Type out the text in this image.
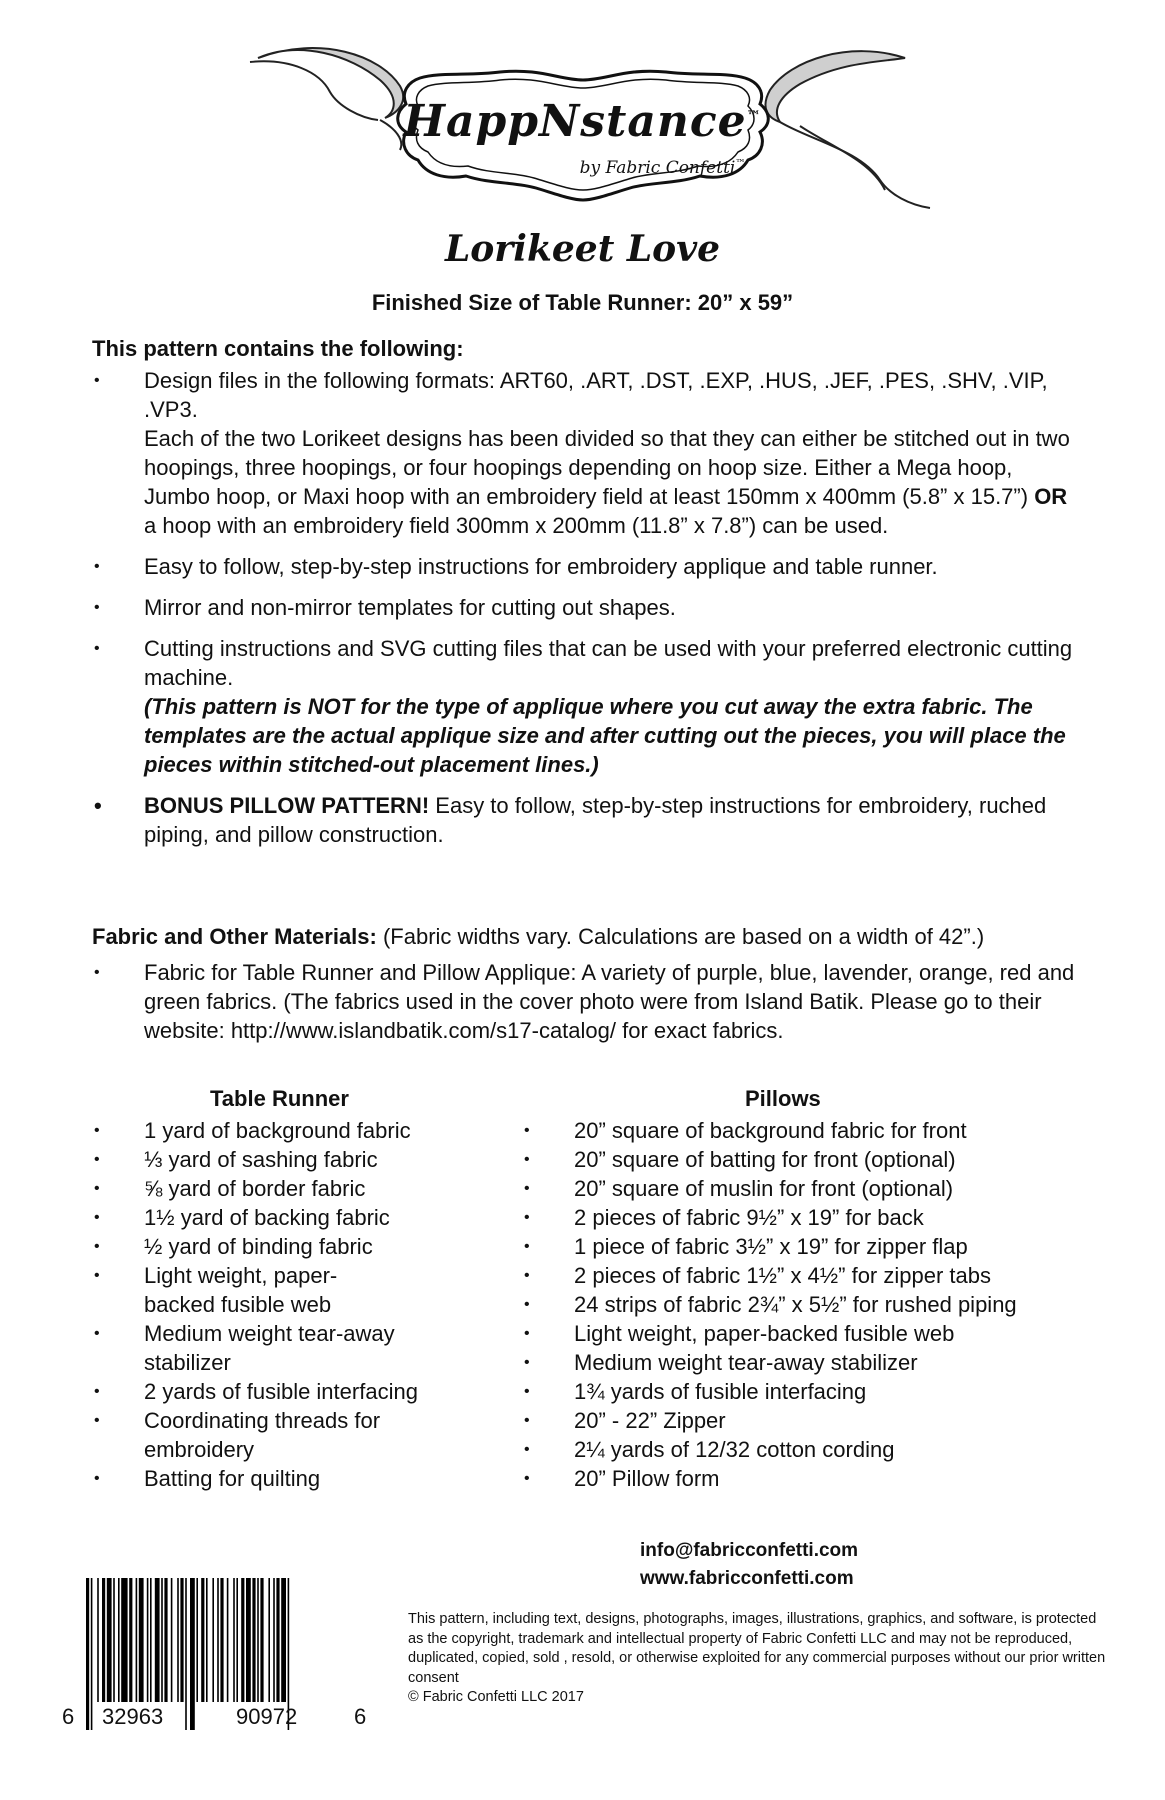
HappNstance™
by Fabric Confetti™
Lorikeet Love
Finished Size of Table Runner: 20” x 59”
This pattern contains the following:
• Design files in the following formats: ART60, .ART, .DST, .EXP, .HUS, .JEF, .PES, .SHV, .VIP, .VP3.
Each of the two Lorikeet designs has been divided so that they can either be stitched out in two hoopings, three hoopings, or four hoopings depending on hoop size. Either a Mega hoop, Jumbo hoop, or Maxi hoop with an embroidery field at least 150mm x 400mm (5.8” x 15.7”) OR a hoop with an embroidery field 300mm x 200mm (11.8” x 7.8”) can be used.
• Easy to follow, step-by-step instructions for embroidery applique and table runner.
• Mirror and non-mirror templates for cutting out shapes.
• Cutting instructions and SVG cutting files that can be used with your preferred electronic cutting machine.
(This pattern is NOT for the type of applique where you cut away the extra fabric. The templates are the actual applique size and after cutting out the pieces, you will place the pieces within stitched-out placement lines.)
• BONUS PILLOW PATTERN! Easy to follow, step-by-step instructions for embroidery, ruched piping, and pillow construction.
Fabric and Other Materials: (Fabric widths vary. Calculations are based on a width of 42”.)
• Fabric for Table Runner and Pillow Applique: A variety of purple, blue, lavender, orange, red and green fabrics. (The fabrics used in the cover photo were from Island Batik. Please go to their website: http://www.islandbatik.com/s17-catalog/ for exact fabrics.
Table Runner
• 1 yard of background fabric
• ⅓ yard of sashing fabric
• ⅝ yard of border fabric
• 1½ yard of backing fabric
• ½ yard of binding fabric
• Light weight, paper-backed fusible web
• Medium weight tear-away stabilizer
• 2 yards of fusible interfacing
• Coordinating threads for embroidery
• Batting for quilting
Pillows
• 20” square of background fabric for front
• 20” square of batting for front (optional)
• 20” square of muslin for front (optional)
• 2 pieces of fabric 9½” x 19” for back
• 1 piece of fabric 3½” x 19” for zipper flap
• 2 pieces of fabric 1½” x 4½” for zipper tabs
• 24 strips of fabric 2¾” x 5½” for rushed piping
• Light weight, paper-backed fusible web
• Medium weight tear-away stabilizer
• 1¾ yards of fusible interfacing
• 20” - 22” Zipper
• 2¼ yards of 12/32 cotton cording
• 20” Pillow form
info@fabricconfetti.com
www.fabricconfetti.com
6 32963	90972	6
This pattern, including text, designs, photographs, images, illustrations, graphics, and software, is protected as the copyright, trademark and intellectual property of Fabric Confetti LLC and may not be reproduced, duplicated, copied, sold , resold, or otherwise exploited for any commercial purposes without our prior written consent
© Fabric Confetti LLC 2017
